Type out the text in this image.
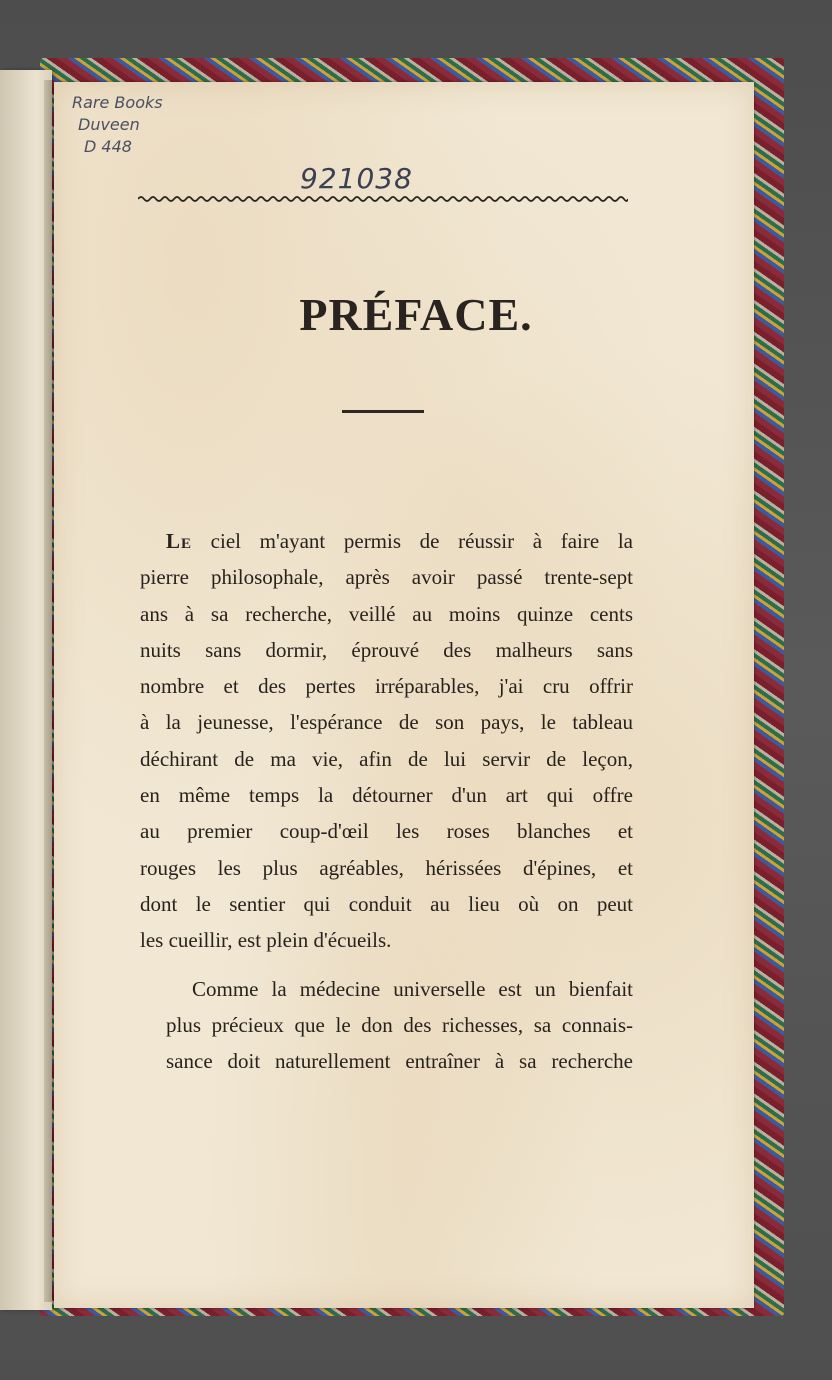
Rare Books
Duveen
D 448
921038
PRÉFACE.

Le ciel m'ayant permis de réussir à faire la
pierre philosophale, après avoir passé trente-sept
ans à sa recherche, veillé au moins quinze cents
nuits sans dormir, éprouvé des malheurs sans
nombre et des pertes irréparables, j'ai cru offrir
à la jeunesse, l'espérance de son pays, le tableau
déchirant de ma vie, afin de lui servir de leçon,
en même temps la détourner d'un art qui offre
au premier coup-d'œil les roses blanches et
rouges les plus agréables, hérissées d'épines, et
dont le sentier qui conduit au lieu où on peut
les cueillir, est plein d'écueils.

Comme la médecine universelle est un bienfait
plus précieux que le don des richesses, sa connais-
sance doit naturellement entraîner à sa recherche
